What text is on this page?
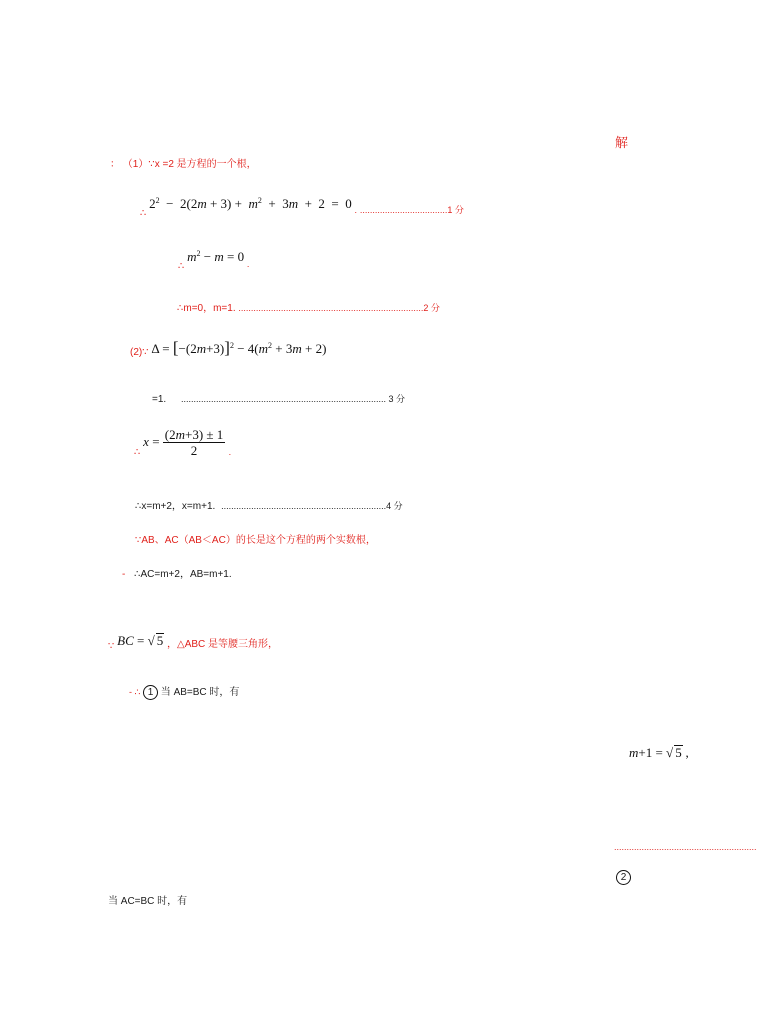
解
： （1）∵x =2 是方程的一个根，
∴ $2^2 - 2(2m + 3) + m^2 + 3m + 2 = 0$ . ...................................1 分
∴ $m^2 - m = 0$ .
∴m=0，m=1. ..........................................................................2 分
(2)∵ $\Delta = [-(2m+3)]^2 - 4(m^2 + 3m + 2)$
=1. .................................................................................. 3 分
∴ $x = \frac{(2m+3) \pm 1}{2}$ .
∴x=m+2，x=m+1. ..................................................................4 分
∵AB、AC（AB＜AC）的长是这个方程的两个实数根，
- ∴AC=m+2，AB=m+1.
∵ BC = √ 5 ，△ABC 是等腰三角形，
- ∴ 1 当 AB=BC 时，有
m+1 = √ 5 ,
.........................................................
2
当 AC=BC 时，有
